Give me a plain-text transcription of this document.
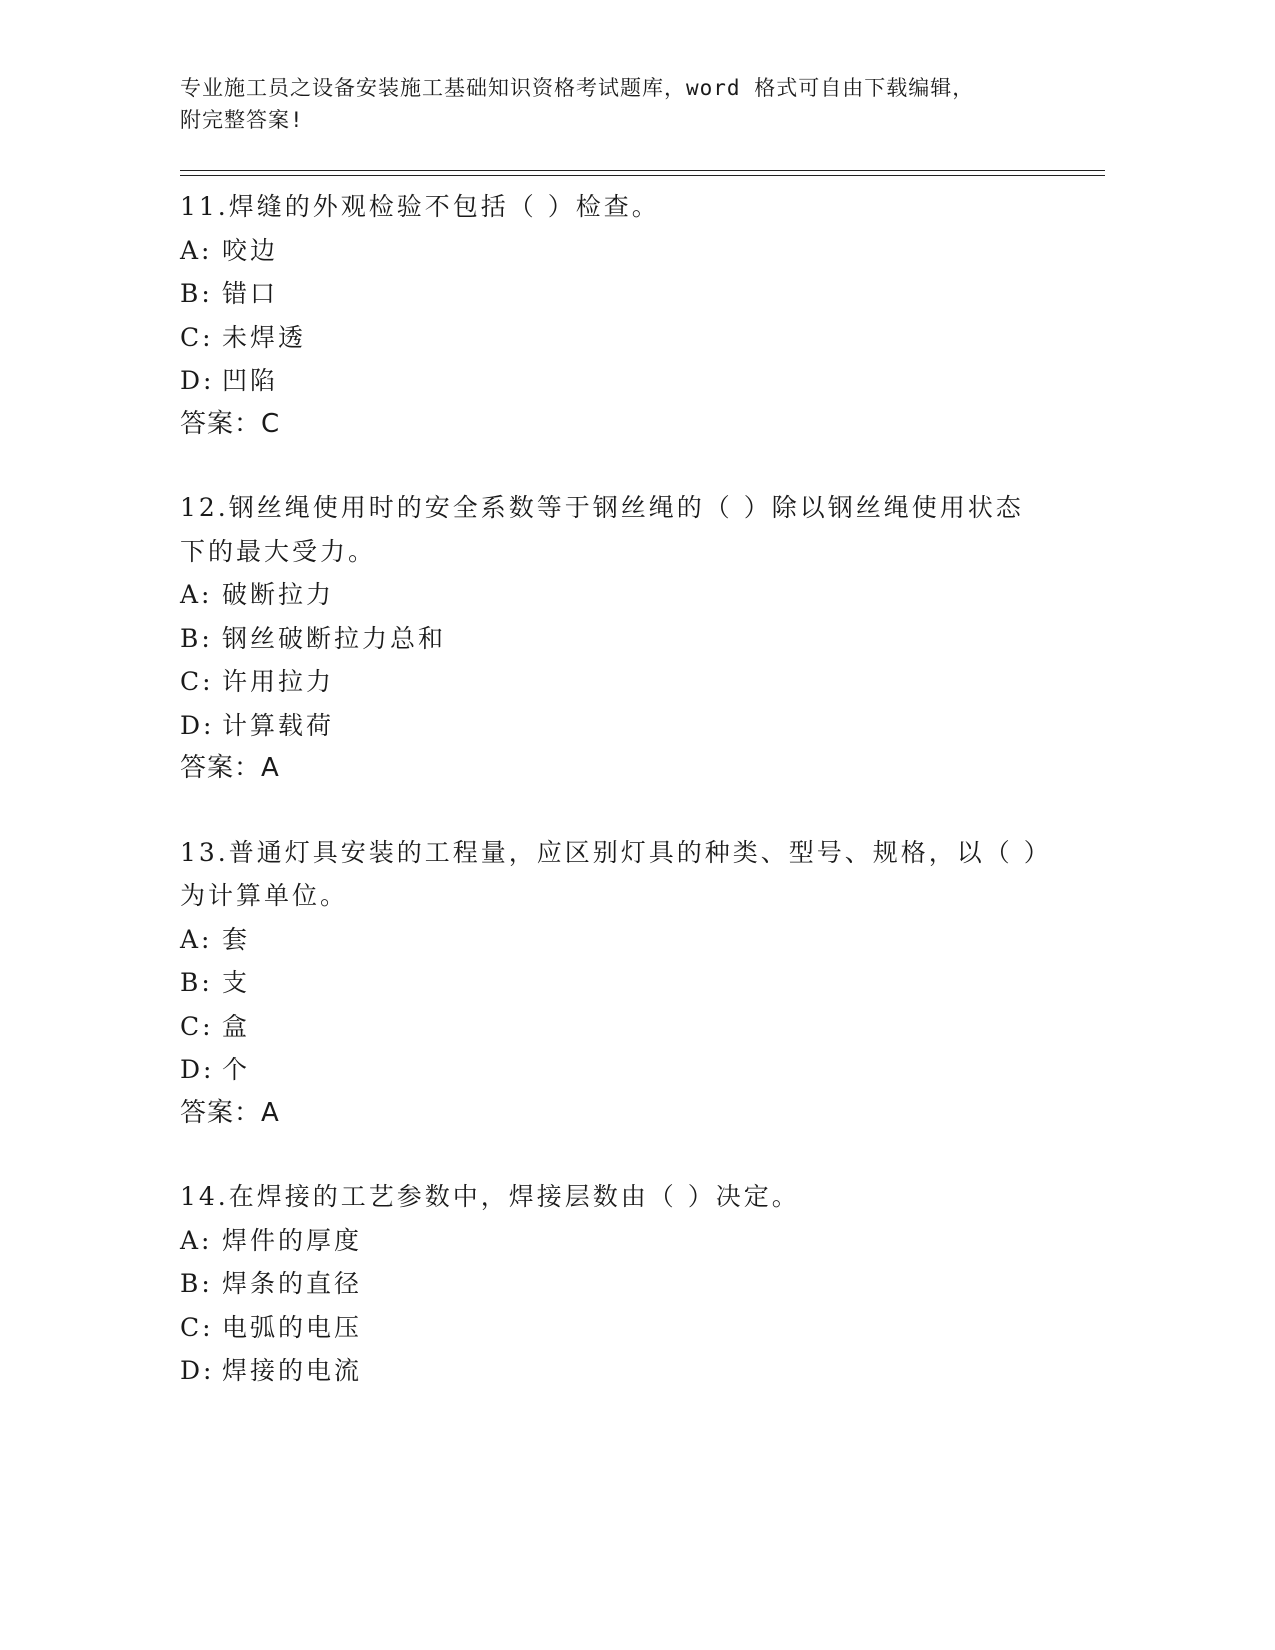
专业施工员之设备安装施工基础知识资格考试题库，word 格式可自由下载编辑，
附完整答案!

11.焊缝的外观检验不包括（ ）检查。

A: 咬边

B: 错口

C: 未焊透

D: 凹陷

答案：C

12.钢丝绳使用时的安全系数等于钢丝绳的（ ）除以钢丝绳使用状态下的最大受力。

A: 破断拉力

B: 钢丝破断拉力总和

C: 许用拉力

D: 计算载荷

答案：A

13.普通灯具安装的工程量，应区别灯具的种类、型号、规格，以（ ）为计算单位。

A: 套

B: 支

C: 盒

D: 个

答案：A

14.在焊接的工艺参数中，焊接层数由（ ）决定。

A: 焊件的厚度

B: 焊条的直径

C: 电弧的电压

D: 焊接的电流
